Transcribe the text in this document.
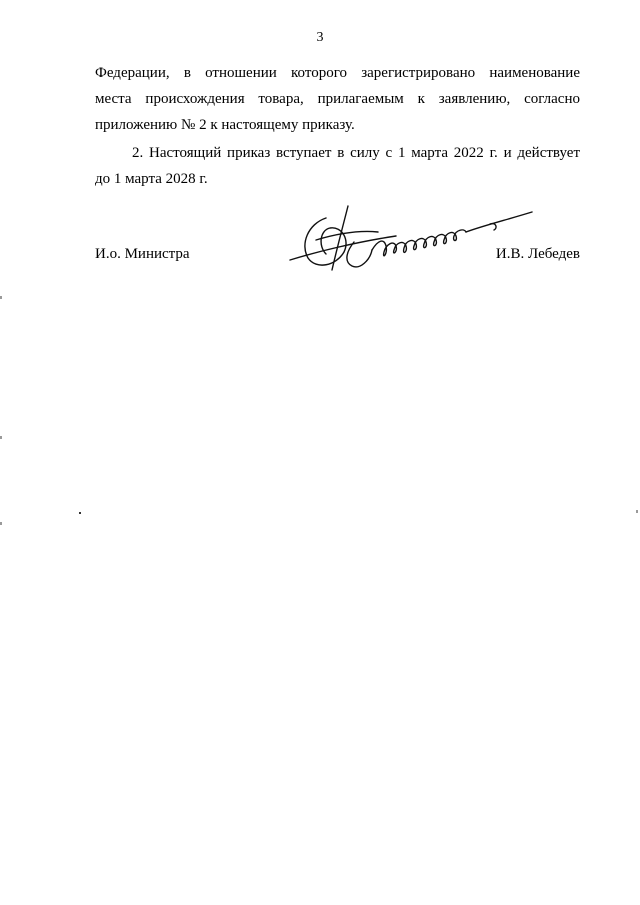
3

Федерации, в отношении которого зарегистрировано наименование
места происхождения товара, прилагаемым к заявлению, согласно
приложению № 2 к настоящему приказу.

2. Настоящий приказ вступает в силу с 1 марта 2022 г. и действует
до 1 марта 2028 г.

И.о. Министра	И.В. Лебедев
